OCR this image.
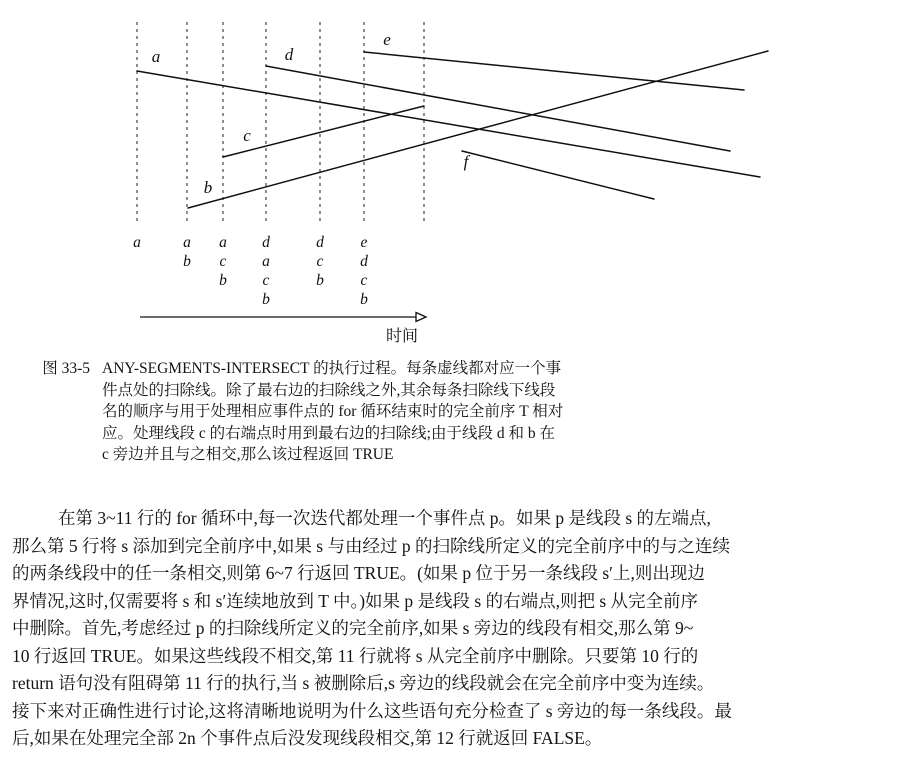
a
b
c
d
e
f
a	a
b
a
c
b
d
a
c
b
d
c
b
e
d
c
b
时间
图 33-5 ANY-SEGMENTS-INTERSECT 的执行过程。每条虚线都对应一个事
件点处的扫除线。除了最右边的扫除线之外,其余每条扫除线下线段
名的顺序与用于处理相应事件点的 for 循环结束时的完全前序 T 相对
应。处理线段 c 的右端点时用到最右边的扫除线;由于线段 d 和 b 在
c 旁边并且与之相交,那么该过程返回 TRUE
在第 3~11 行的 for 循环中,每一次迭代都处理一个事件点 p。如果 p 是线段 s 的左端点,
那么第 5 行将 s 添加到完全前序中,如果 s 与由经过 p 的扫除线所定义的完全前序中的与之连续
的两条线段中的任一条相交,则第 6~7 行返回 TRUE。(如果 p 位于另一条线段 s′上,则出现边
界情况,这时,仅需要将 s 和 s′连续地放到 T 中。)如果 p 是线段 s 的右端点,则把 s 从完全前序
中删除。首先,考虑经过 p 的扫除线所定义的完全前序,如果 s 旁边的线段有相交,那么第 9~
10 行返回 TRUE。如果这些线段不相交,第 11 行就将 s 从完全前序中删除。只要第 10 行的
return 语句没有阻碍第 11 行的执行,当 s 被删除后,s 旁边的线段就会在完全前序中变为连续。
接下来对正确性进行讨论,这将清晰地说明为什么这些语句充分检查了 s 旁边的每一条线段。最
后,如果在处理完全部 2n 个事件点后没发现线段相交,第 12 行就返回 FALSE。
